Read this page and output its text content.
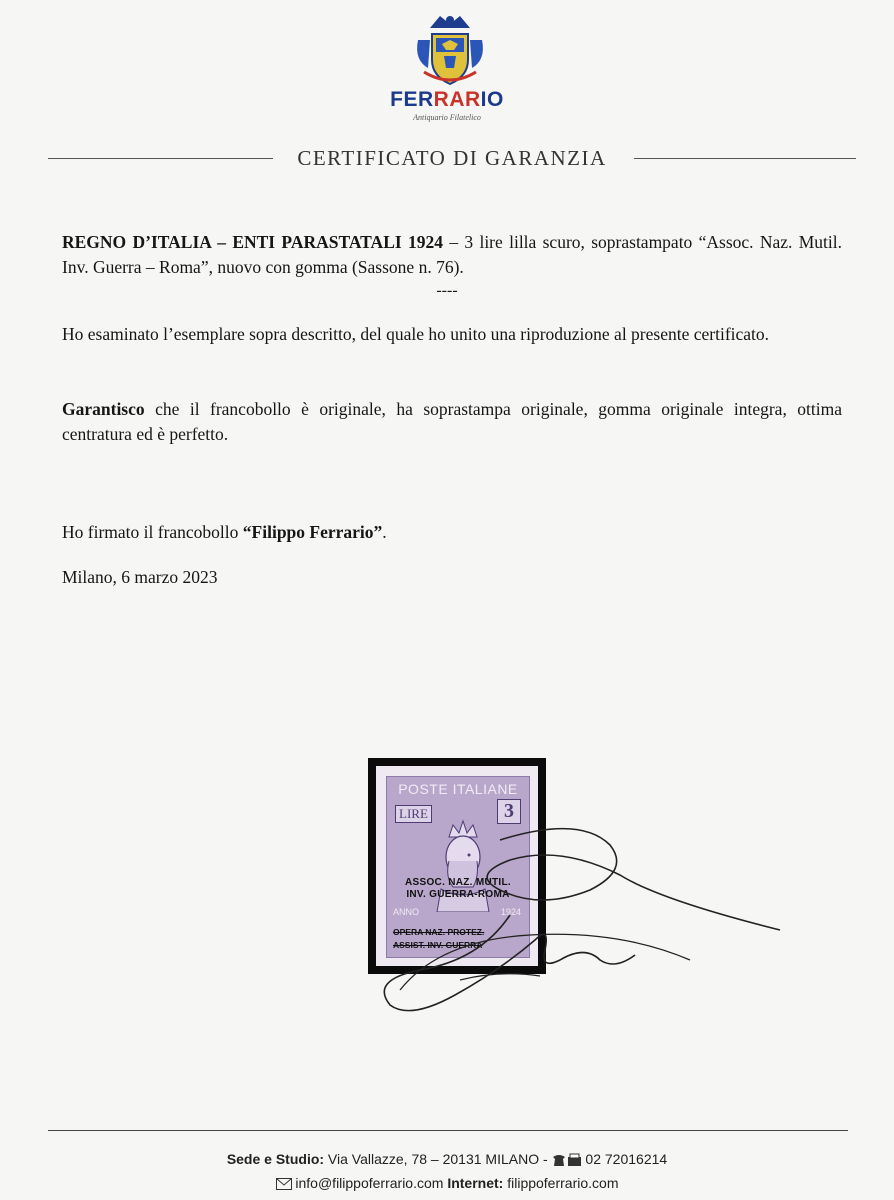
FERRARIO
Antiquario Filatelico
CERTIFICATO DI GARANZIA
REGNO D’ITALIA – ENTI PARASTATALI 1924 – 3 lire lilla scuro, soprastampato “Assoc. Naz. Mutil. Inv. Guerra – Roma”, nuovo con gomma (Sassone n. 76).
----
Ho esaminato l’esemplare sopra descritto, del quale ho unito una riproduzione al presente certificato.
Garantisco che il francobollo è originale, ha soprastampa originale, gomma originale integra, ottima centratura ed è perfetto.
Ho firmato il francobollo “Filippo Ferrario”.
Milano, 6 marzo 2023
POSTE ITALIANE
LIRE	3
ASSOC. NAZ. MUTIL.
INV. GUERRA-ROMA
ANNO	1924
OPERA NAZ. PROTEZ.
ASSIST. INV. GUERRA
Sede e Studio: Via Vallazze, 78 – 20131 MILANO -  02 72016214
info@filippoferrario.com Internet: filippoferrario.com
